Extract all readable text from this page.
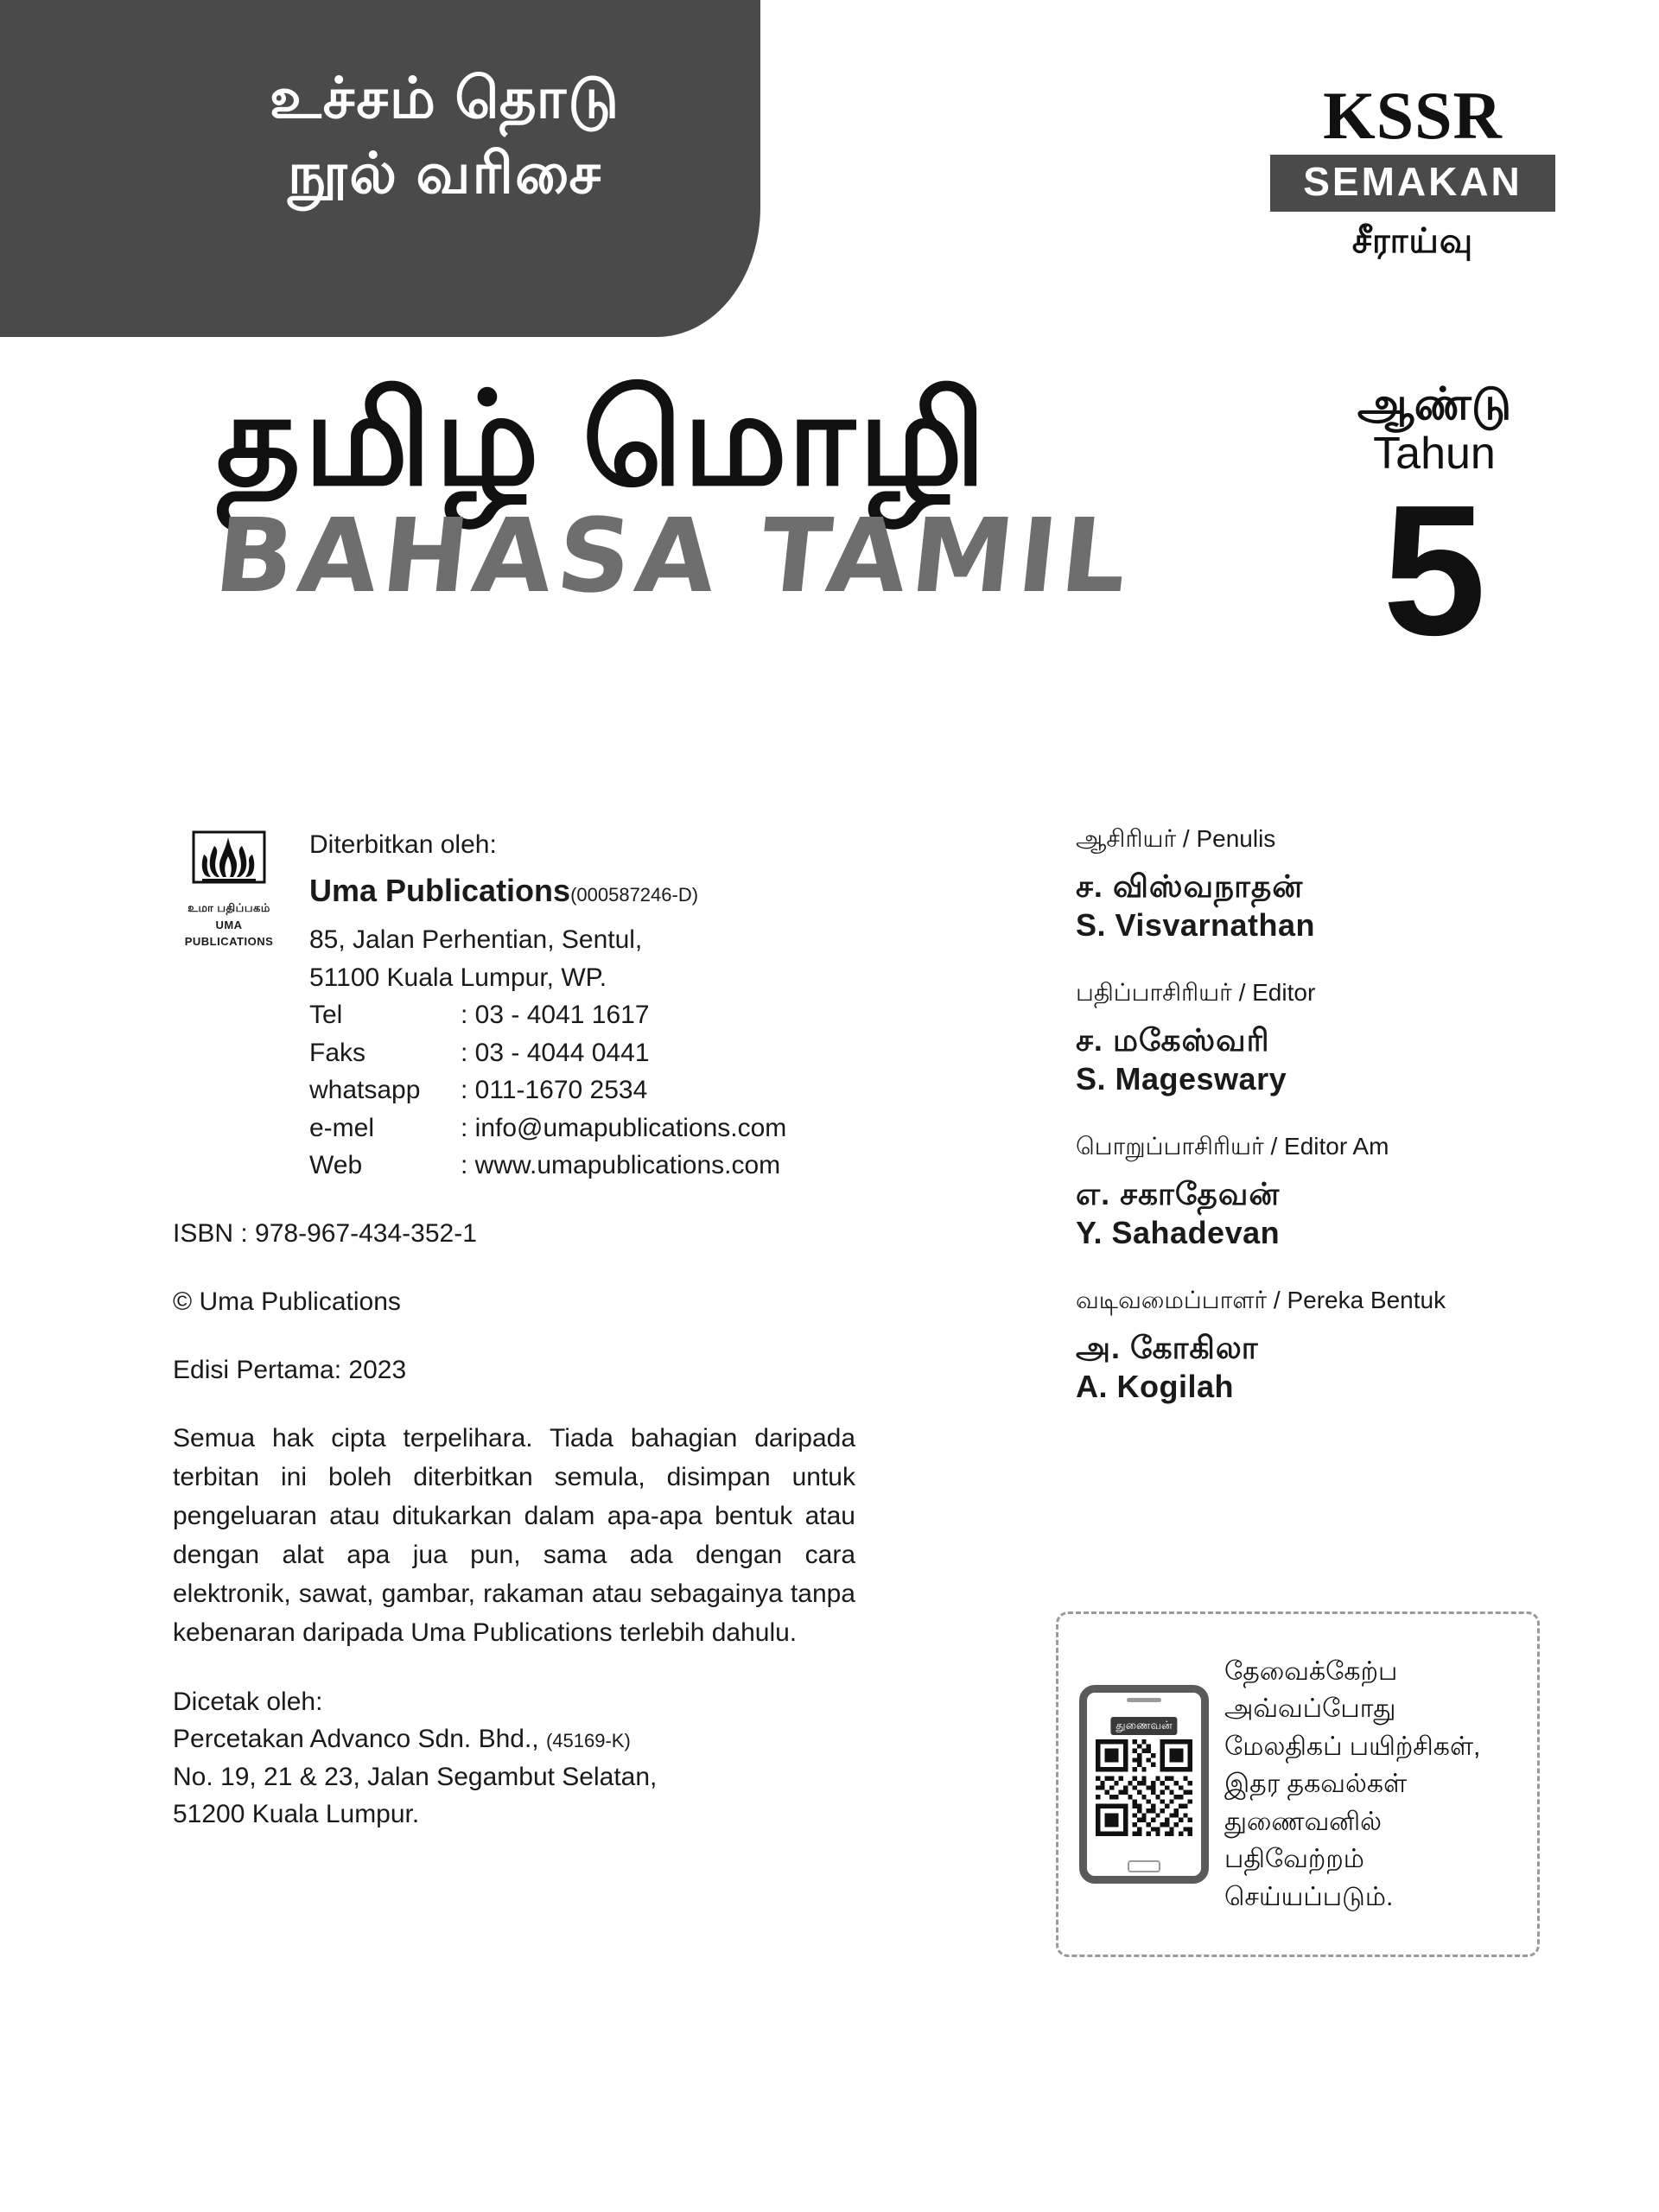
உச்சம் தொடு
நூல் வரிசை
KSSR
SEMAKAN
சீராய்வு
தமிழ் மொழி
BAHASA TAMIL
ஆண்டு
Tahun
5
உமா பதிப்பகம்
UMA PUBLICATIONS
Diterbitkan oleh:
Uma Publications(000587246-D)
85, Jalan Perhentian, Sentul,
51100 Kuala Lumpur, WP.
Tel	: 03 - 4041 1617
Faks	: 03 - 4044 0441
whatsapp	: 011-1670 2534
e-mel	: info@umapublications.com
Web	: www.umapublications.com
ISBN : 978-967-434-352-1
© Uma Publications
Edisi Pertama: 2023
Semua hak cipta terpelihara. Tiada bahagian daripada terbitan ini boleh diterbitkan semula, disimpan untuk pengeluaran atau ditukarkan dalam apa-apa bentuk atau dengan alat apa jua pun, sama ada dengan cara elektronik, sawat, gambar, rakaman atau sebagainya tanpa kebenaran daripada Uma Publications terlebih dahulu.
Dicetak oleh:
Percetakan Advanco Sdn. Bhd., (45169-K)
No. 19, 21 & 23, Jalan Segambut Selatan,
51200 Kuala Lumpur.
ஆசிரியர் / Penulis
ச. விஸ்வநாதன்
S. Visvarnathan
பதிப்பாசிரியர் / Editor
ச. மகேஸ்வரி
S. Mageswary
பொறுப்பாசிரியர் / Editor Am
எ. சகாதேவன்
Y. Sahadevan
வடிவமைப்பாளர் / Pereka Bentuk
அ. கோகிலா
A. Kogilah
துணைவன்
தேவைக்கேற்ப அவ்வப்போது மேலதிகப் பயிற்சிகள், இதர தகவல்கள் துணைவனில் பதிவேற்றம் செய்யப்படும்.
